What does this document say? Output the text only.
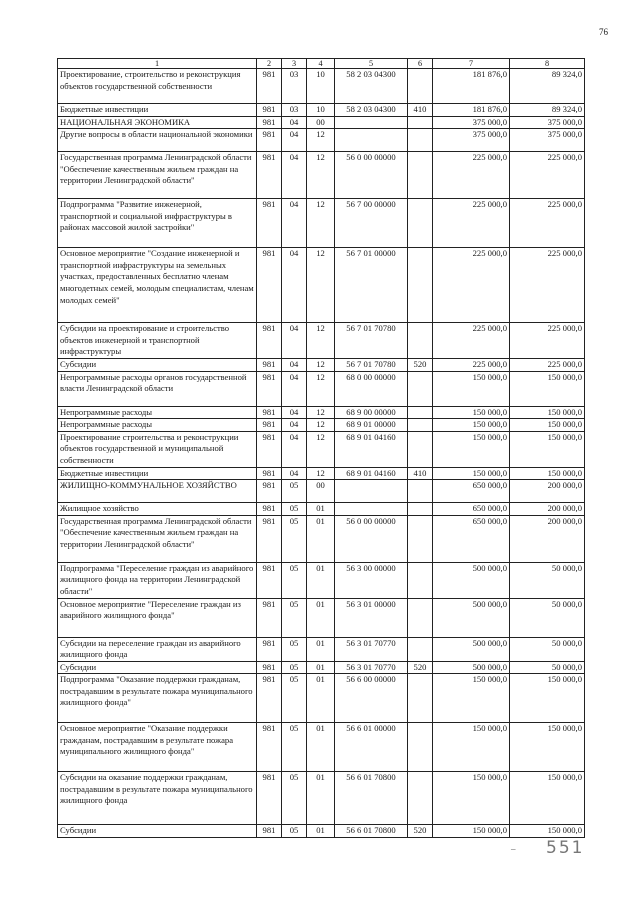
76
1	2	3	4	5	6	7	8
Проектирование, строительство и реконструкция объектов государственной собственности	981	03	10	58 2 03 04300		181 876,0	89 324,0
Бюджетные инвестиции	981	03	10	58 2 03 04300	410	181 876,0	89 324,0
НАЦИОНАЛЬНАЯ ЭКОНОМИКА	981	04	00			375 000,0	375 000,0
Другие вопросы в области национальной экономики	981	04	12			375 000,0	375 000,0
Государственная программа Ленинградской области "Обеспечение качественным жильем граждан на территории Ленинградской области"	981	04	12	56 0 00 00000		225 000,0	225 000,0
Подпрограмма "Развитие инженерной, транспортной и социальной инфраструктуры в районах массовой жилой застройки"	981	04	12	56 7 00 00000		225 000,0	225 000,0
Основное мероприятие "Создание инженерной и транспортной инфраструктуры на земельных участках, предоставленных бесплатно членам многодетных семей, молодым специалистам, членам молодых семей"	981	04	12	56 7 01 00000		225 000,0	225 000,0
Субсидии на проектирование и строительство объектов инженерной и транспортной инфраструктуры	981	04	12	56 7 01 70780		225 000,0	225 000,0
Субсидии	981	04	12	56 7 01 70780	520	225 000,0	225 000,0
Непрограммные расходы органов государственной власти Ленинградской области	981	04	12	68 0 00 00000		150 000,0	150 000,0
Непрограммные расходы	981	04	12	68 9 00 00000		150 000,0	150 000,0
Непрограммные расходы	981	04	12	68 9 01 00000		150 000,0	150 000,0
Проектирование строительства и реконструкции объектов государственной и муниципальной собственности	981	04	12	68 9 01 04160		150 000,0	150 000,0
Бюджетные инвестиции	981	04	12	68 9 01 04160	410	150 000,0	150 000,0
ЖИЛИЩНО-КОММУНАЛЬНОЕ ХОЗЯЙСТВО	981	05	00			650 000,0	200 000,0
Жилищное хозяйство	981	05	01			650 000,0	200 000,0
Государственная программа Ленинградской области "Обеспечение качественным жильем граждан на территории Ленинградской области"	981	05	01	56 0 00 00000		650 000,0	200 000,0
Подпрограмма "Переселение граждан из аварийного жилищного фонда на территории Ленинградской области"	981	05	01	56 3 00 00000		500 000,0	50 000,0
Основное мероприятие "Переселение граждан из аварийного жилищного фонда"	981	05	01	56 3 01 00000		500 000,0	50 000,0
Субсидии на переселение граждан из аварийного жилищного фонда	981	05	01	56 3 01 70770		500 000,0	50 000,0
Субсидии	981	05	01	56 3 01 70770	520	500 000,0	50 000,0
Подпрограмма "Оказание поддержки гражданам, пострадавшим в результате пожара муниципального жилищного фонда"	981	05	01	56 6 00 00000		150 000,0	150 000,0
Основное мероприятие "Оказание поддержки гражданам, пострадавшим в результате пожара муниципального жилищного фонда"	981	05	01	56 6 01 00000		150 000,0	150 000,0
Субсидии на оказание поддержки гражданам, пострадавшим в результате пожара муниципального жилищного фонда	981	05	01	56 6 01 70800		150 000,0	150 000,0
Субсидии	981	05	01	56 6 01 70800	520	150 000,0	150 000,0
– 551
